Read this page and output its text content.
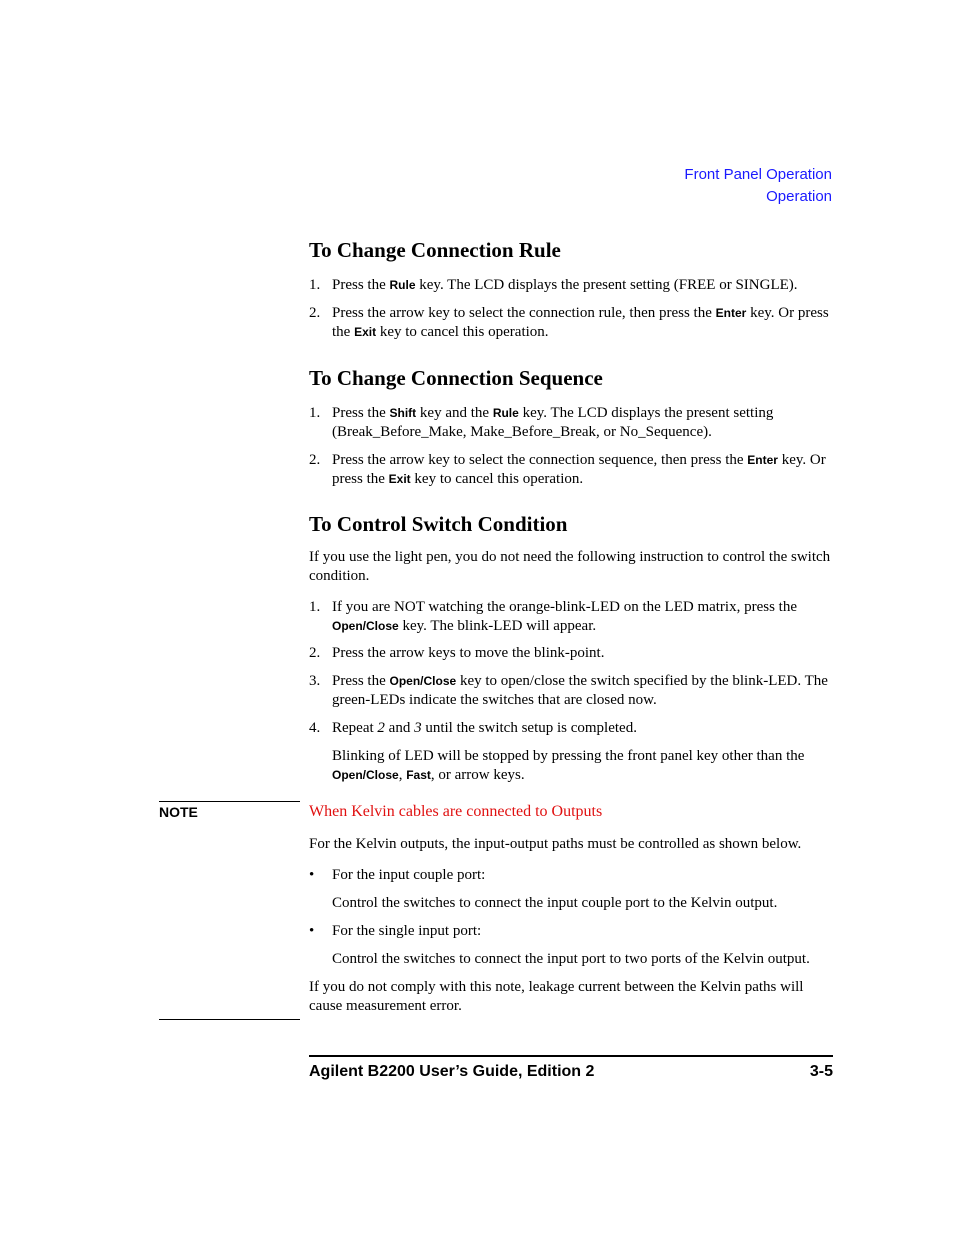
Front Panel Operation
Operation
To Change Connection Rule
1. Press the Rule key. The LCD displays the present setting (FREE or SINGLE).
2. Press the arrow key to select the connection rule, then press the Enter key. Or press the Exit key to cancel this operation.
To Change Connection Sequence
1. Press the Shift key and the Rule key. The LCD displays the present setting (Break_Before_Make, Make_Before_Break, or No_Sequence).
2. Press the arrow key to select the connection sequence, then press the Enter key. Or press the Exit key to cancel this operation.
To Control Switch Condition
If you use the light pen, you do not need the following instruction to control the switch condition.
1. If you are NOT watching the orange-blink-LED on the LED matrix, press the Open/Close key. The blink-LED will appear.
2. Press the arrow keys to move the blink-point.
3. Press the Open/Close key to open/close the switch specified by the blink-LED. The green-LEDs indicate the switches that are closed now.
4. Repeat 2 and 3 until the switch setup is completed.
Blinking of LED will be stopped by pressing the front panel key other than the Open/Close, Fast, or arrow keys.
NOTE	When Kelvin cables are connected to Outputs
For the Kelvin outputs, the input-output paths must be controlled as shown below.
• For the input couple port:
Control the switches to connect the input couple port to the Kelvin output.
• For the single input port:
Control the switches to connect the input port to two ports of the Kelvin output.
If you do not comply with this note, leakage current between the Kelvin paths will cause measurement error.
Agilent B2200 User’s Guide, Edition 2	3-5
